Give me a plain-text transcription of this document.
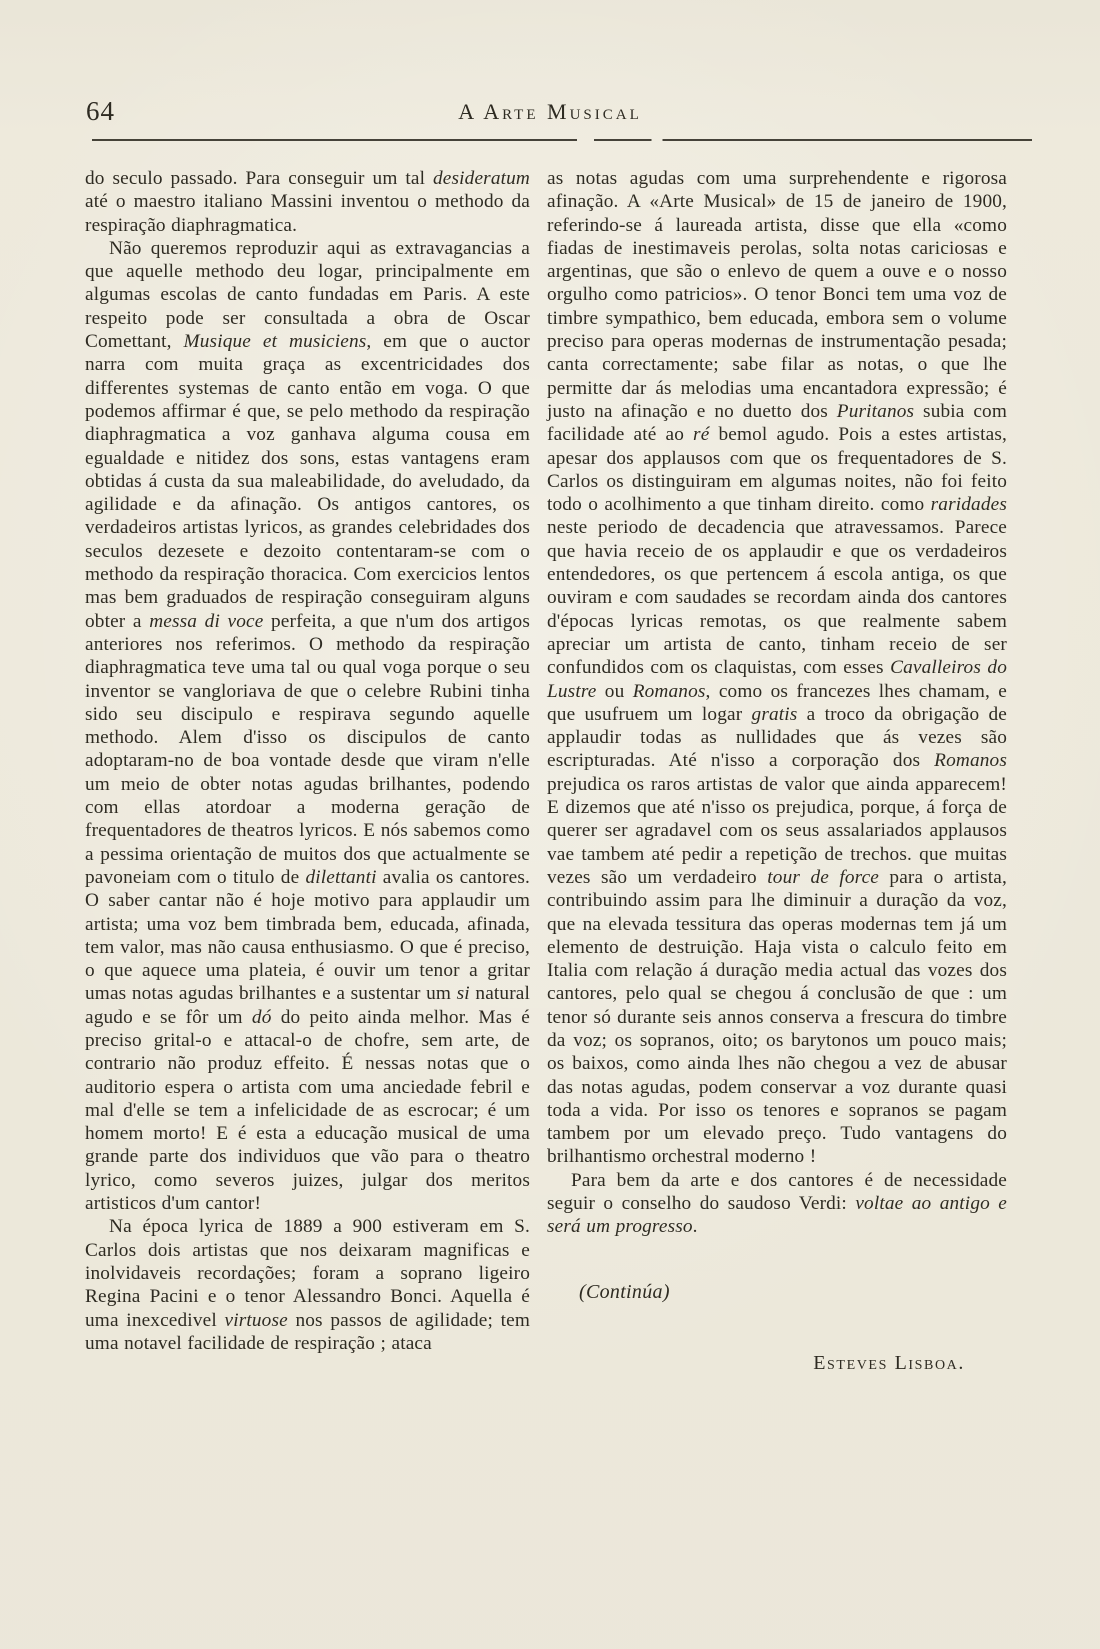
64	A Arte Musical

do seculo passado. Para conseguir um tal desideratum até o maestro italiano Massini inventou o methodo da respiração diaphragmatica.

Não queremos reproduzir aqui as extravagancias a que aquelle methodo deu logar, principalmente em algumas escolas de canto fundadas em Paris. A este respeito pode ser consultada a obra de Oscar Comettant, Musique et musiciens, em que o auctor narra com muita graça as excentricidades dos differentes systemas de canto então em voga. O que podemos affirmar é que, se pelo methodo da respiração diaphragmatica a voz ganhava alguma cousa em egualdade e nitidez dos sons, estas vantagens eram obtidas á custa da sua maleabilidade, do aveludado, da agilidade e da afinação. Os antigos cantores, os verdadeiros artistas lyricos, as grandes celebridades dos seculos dezesete e dezoito contentaram-se com o methodo da respiração thoracica. Com exercicios lentos mas bem graduados de respiração conseguiram alguns obter a messa di voce perfeita, a que n'um dos artigos anteriores nos referimos. O methodo da respiração diaphragmatica teve uma tal ou qual voga porque o seu inventor se vangloriava de que o celebre Rubini tinha sido seu discipulo e respirava segundo aquelle methodo. Alem d'isso os discipulos de canto adoptaram-no de boa vontade desde que viram n'elle um meio de obter notas agudas brilhantes, podendo com ellas atordoar a moderna geração de frequentadores de theatros lyricos. E nós sabemos como a pessima orientação de muitos dos que actualmente se pavoneiam com o titulo de dilettanti avalia os cantores. O saber cantar não é hoje motivo para applaudir um artista; uma voz bem timbrada bem, educada, afinada, tem valor, mas não causa enthusiasmo. O que é preciso, o que aquece uma plateia, é ouvir um tenor a gritar umas notas agudas brilhantes e a sustentar um si natural agudo e se fôr um dó do peito ainda melhor. Mas é preciso grital-o e attacal-o de chofre, sem arte, de contrario não produz effeito. É nessas notas que o auditorio espera o artista com uma anciedade febril e mal d'elle se tem a infelicidade de as escrocar; é um homem morto! E é esta a educação musical de uma grande parte dos individuos que vão para o theatro lyrico, como severos juizes, julgar dos meritos artisticos d'um cantor!

Na época lyrica de 1889 a 900 estiveram em S. Carlos dois artistas que nos deixaram magnificas e inolvidaveis recordações; foram a soprano ligeiro Regina Pacini e o tenor Alessandro Bonci. Aquella é uma inexcedivel virtuose nos passos de agilidade; tem uma notavel facilidade de respiração ; ataca

as notas agudas com uma surprehendente e rigorosa afinação. A «Arte Musical» de 15 de janeiro de 1900, referindo-se á laureada artista, disse que ella «como fiadas de inestimaveis perolas, solta notas cariciosas e argentinas, que são o enlevo de quem a ouve e o nosso orgulho como patricios». O tenor Bonci tem uma voz de timbre sympathico, bem educada, embora sem o volume preciso para operas modernas de instrumentação pesada; canta correctamente; sabe filar as notas, o que lhe permitte dar ás melodias uma encantadora expressão; é justo na afinação e no duetto dos Puritanos subia com facilidade até ao ré bemol agudo. Pois a estes artistas, apesar dos applausos com que os frequentadores de S. Carlos os distinguiram em algumas noites, não foi feito todo o acolhimento a que tinham direito. como raridades neste periodo de decadencia que atravessamos. Parece que havia receio de os applaudir e que os verdadeiros entendedores, os que pertencem á escola antiga, os que ouviram e com saudades se recordam ainda dos cantores d'épocas lyricas remotas, os que realmente sabem apreciar um artista de canto, tinham receio de ser confundidos com os claquistas, com esses Cavalleiros do Lustre ou Romanos, como os francezes lhes chamam, e que usufruem um logar gratis a troco da obrigação de applaudir todas as nullidades que ás vezes são escripturadas. Até n'isso a corporação dos Romanos prejudica os raros artistas de valor que ainda apparecem! E dizemos que até n'isso os prejudica, porque, á força de querer ser agradavel com os seus assalariados applausos vae tambem até pedir a repetição de trechos. que muitas vezes são um verdadeiro tour de force para o artista, contribuindo assim para lhe diminuir a duração da voz, que na elevada tessitura das operas modernas tem já um elemento de destruição. Haja vista o calculo feito em Italia com relação á duração media actual das vozes dos cantores, pelo qual se chegou á conclusão de que : um tenor só durante seis annos conserva a frescura do timbre da voz; os sopranos, oito; os barytonos um pouco mais; os baixos, como ainda lhes não chegou a vez de abusar das notas agudas, podem conservar a voz durante quasi toda a vida. Por isso os tenores e sopranos se pagam tambem por um elevado preço. Tudo vantagens do brilhantismo orchestral moderno !

Para bem da arte e dos cantores é de necessidade seguir o conselho do saudoso Verdi: voltae ao antigo e será um progresso.

(Continúa)

Esteves Lisboa.
